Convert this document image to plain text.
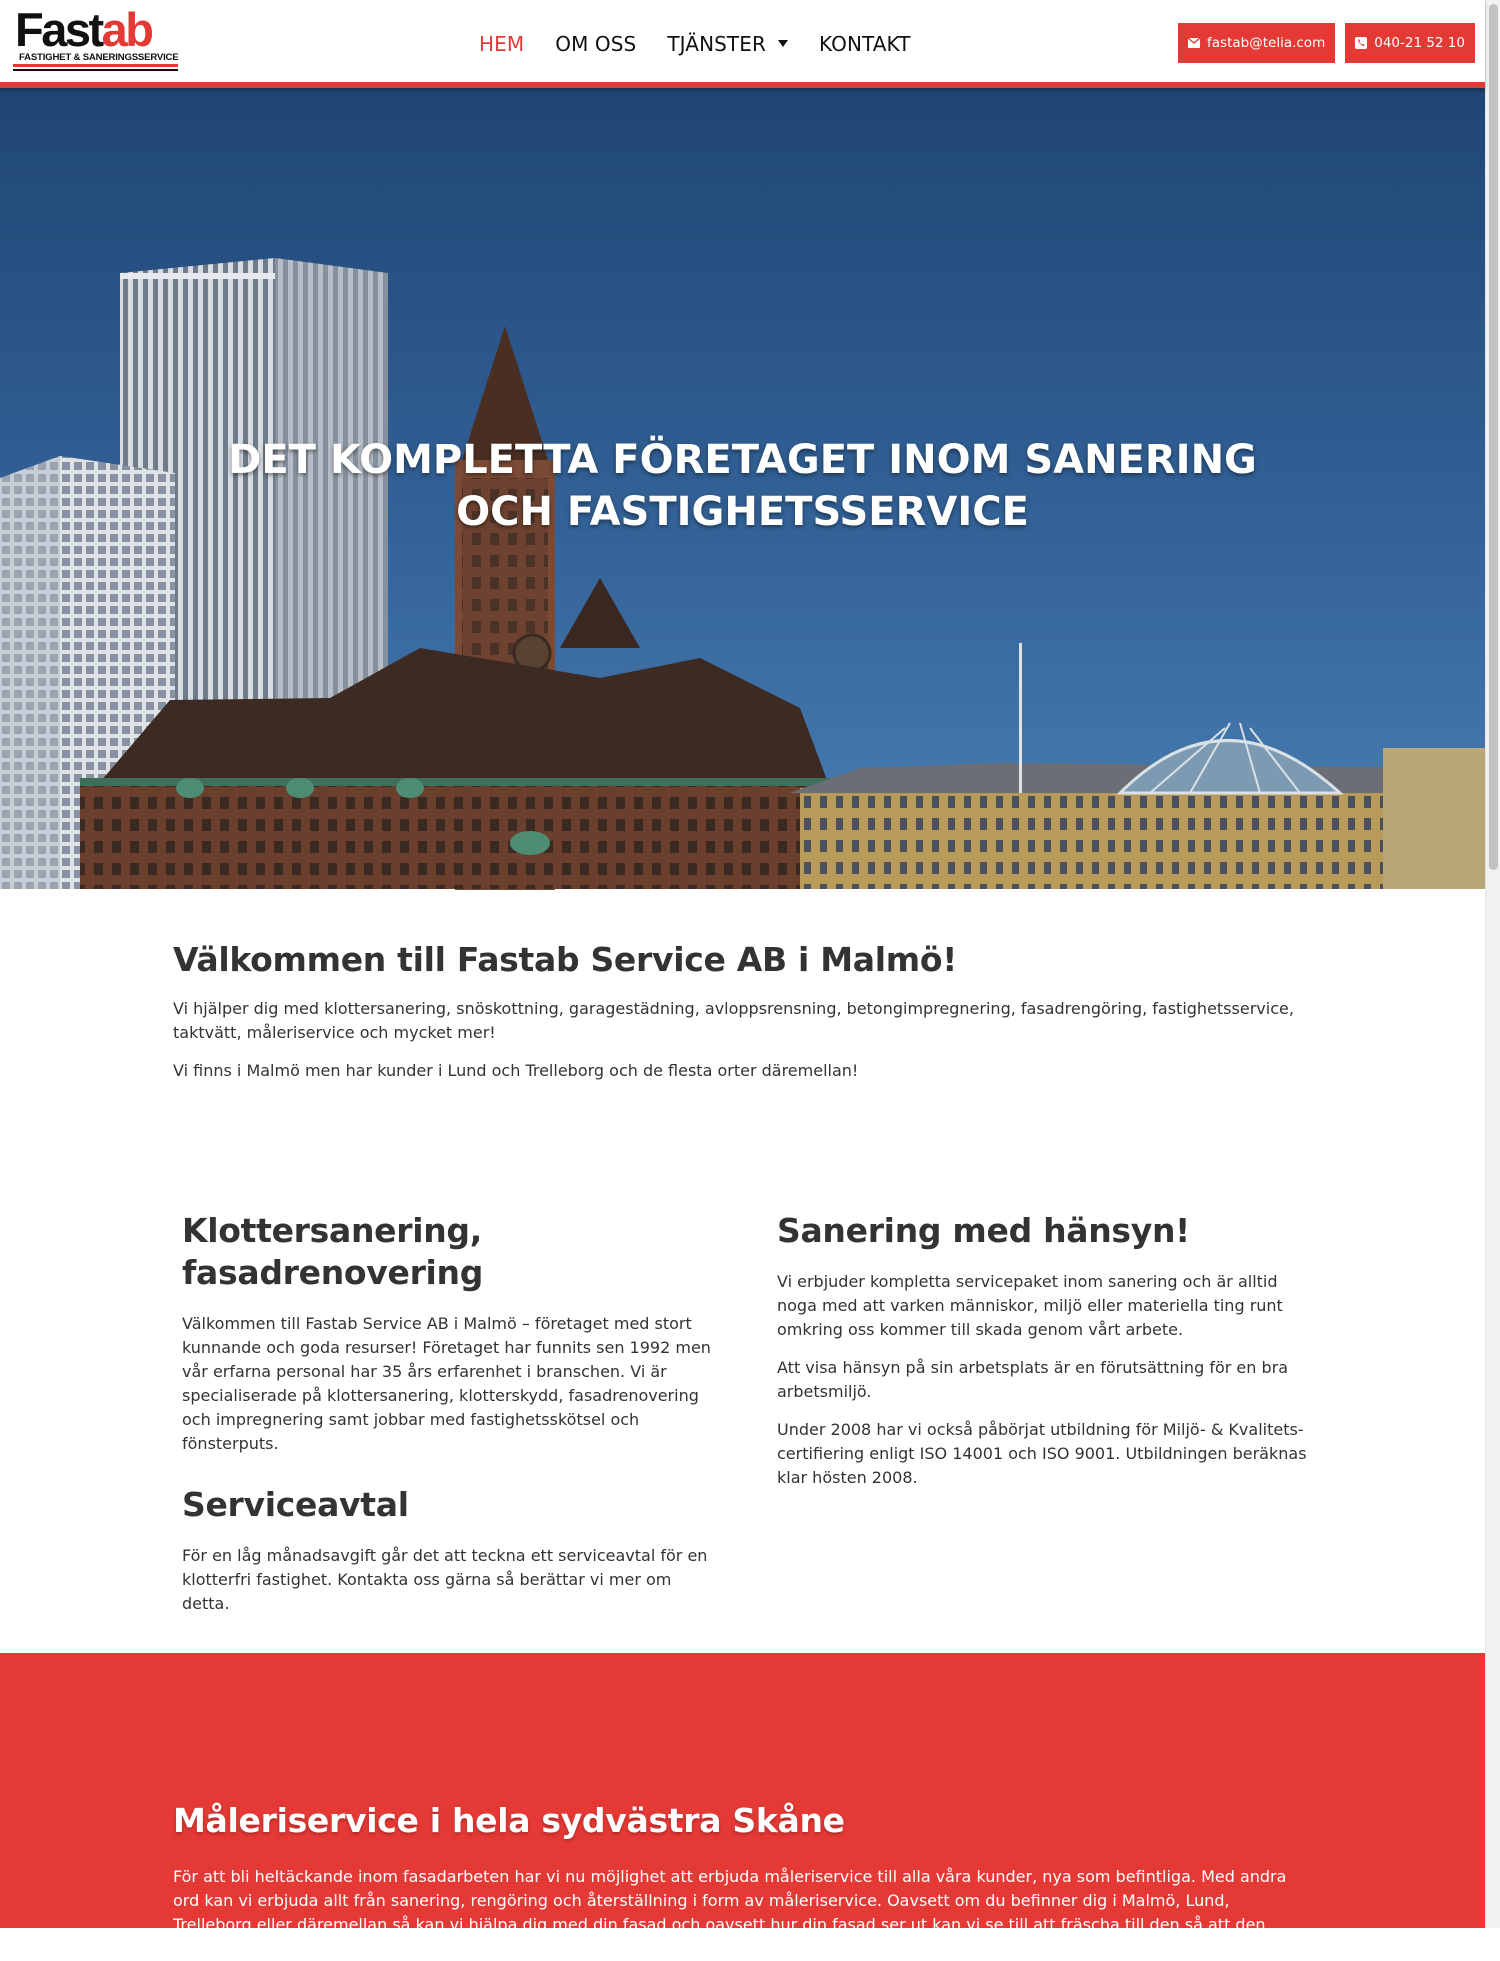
Fastab
FASTIGHET & SANERINGSSERVICE
HEM OM OSS TJÄNSTER	KONTAKT	fastab@telia.com	040-21 52 10
DET KOMPLETTA FÖRETAGET INOM SANERING OCH FASTIGHETSSERVICE
Välkommen till Fastab Service AB i Malmö!

Vi hjälper dig med klottersanering, snöskottning, garagestädning, avloppsrensning, betongimpregnering, fasadrengöring, fastighetsservice, taktvätt, måleriservice och mycket mer!

Vi finns i Malmö men har kunder i Lund och Trelleborg och de flesta orter däremellan!

Klottersanering, fasadrenovering

Välkommen till Fastab Service AB i Malmö – företaget med stort kunnande och goda resurser! Företaget har funnits sen 1992 men vår erfarna personal har 35 års erfarenhet i branschen. Vi är specialiserade på klottersanering, klotterskydd, fasadrenovering och impregnering samt jobbar med fastighetsskötsel och fönsterputs.

Serviceavtal

För en låg månadsavgift går det att teckna ett serviceavtal för en klotterfri fastighet. Kontakta oss gärna så berättar vi mer om detta.

Sanering med hänsyn!

Vi erbjuder kompletta servicepaket inom sanering och är alltid noga med att varken människor, miljö eller materiella ting runt omkring oss kommer till skada genom vårt arbete.

Att visa hänsyn på sin arbetsplats är en förutsättning för en bra arbetsmiljö.

Under 2008 har vi också påbörjat utbildning för Miljö- & Kvalitets-certifiering enligt ISO 14001 och ISO 9001. Utbildningen beräknas klar hösten 2008.

Måleriservice i hela sydvästra Skåne

För att bli heltäckande inom fasadarbeten har vi nu möjlighet att erbjuda måleriservice till alla våra kunder, nya som befintliga. Med andra ord kan vi erbjuda allt från sanering, rengöring och återställning i form av måleriservice. Oavsett om du befinner dig i Malmö, Lund, Trelleborg eller däremellan så kan vi hjälpa dig med din fasad och oavsett hur din fasad ser ut kan vi se till att fräscha till den så att den återfår sin glans. Tveka inte att kontakta oss om
